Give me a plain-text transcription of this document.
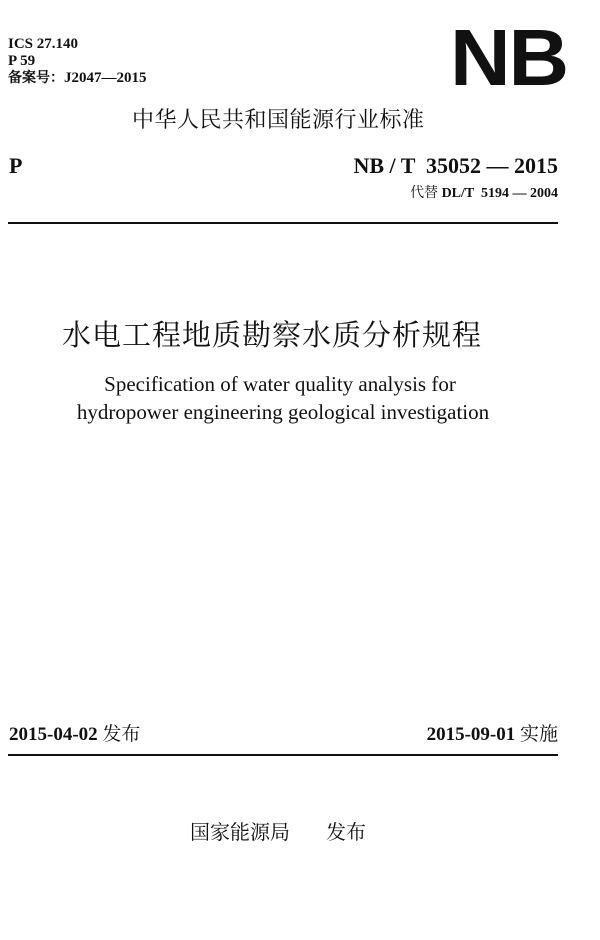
ICS 27.140
P 59
备案号：J2047—2015	NB
中华人民共和国能源行业标准
P	NB / T  35052 — 2015
代替 DL/T  5194 — 2004
水电工程地质勘察水质分析规程
Specification of water quality analysis for
hydropower engineering geological investigation
2015-04-02 发布	2015-09-01 实施
国家能源局 发布
